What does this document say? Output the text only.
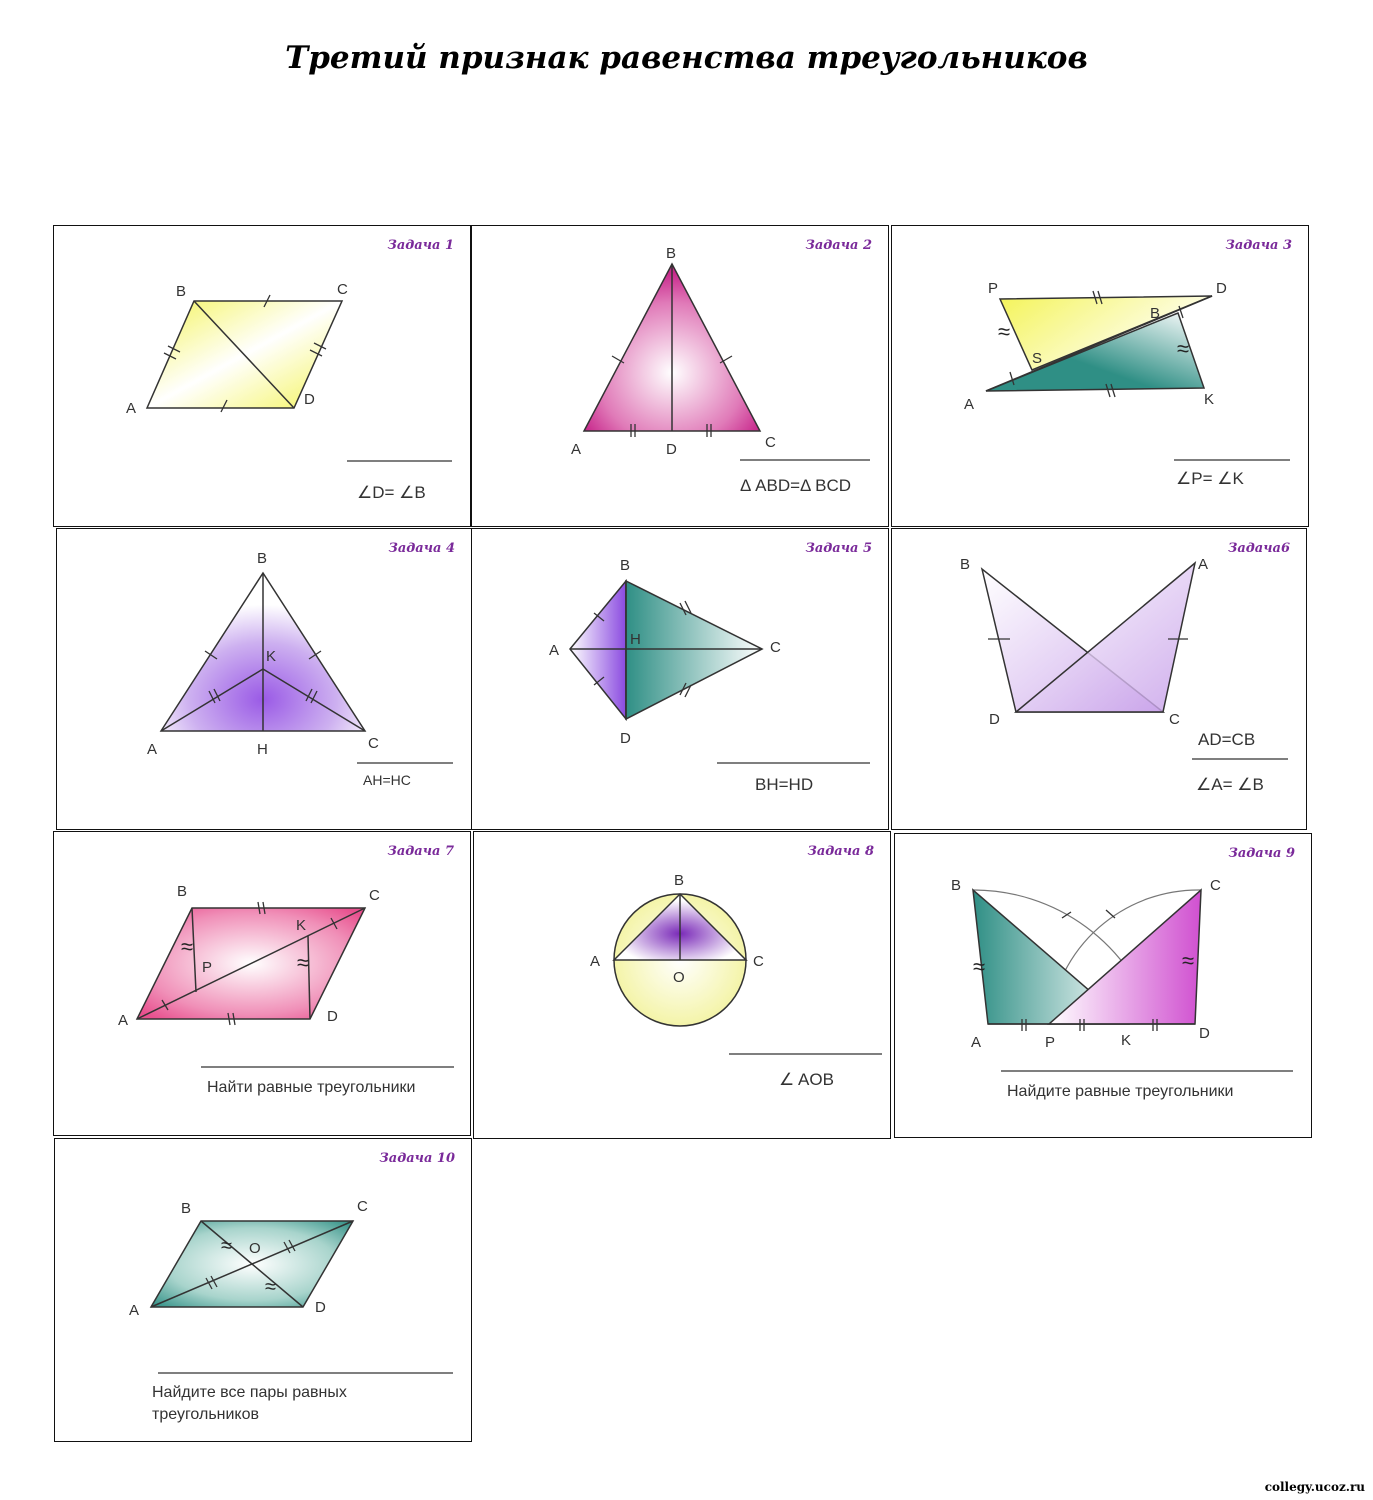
Третий признак равенства треугольников
Задача 1
A
B	C
D
∠D= ∠B
Задача 2
A
B
C
D
Δ ABD=Δ BCD
Задача 3
≈
≈
P	D
B
S
A	K
∠P= ∠K
Задача 4
B
K
A	H	C
AH=HC
Задача 5
B
A
H	C
D
BH=HD
Задача6
B	A
D	C
AD=CB
∠A= ∠B
Задача 7
≈
≈
B	C
K
P
A	D
Найти равные треугольники
Задача 8
B
A
O
C
∠ AOB
Задача 9
≈	≈
B	C
A	P	K	D
Найдите равные треугольники
Задача 10
≈
≈
B	C
O
A	D
Найдите все пары равных
треугольников
collegy.ucoz.ru
